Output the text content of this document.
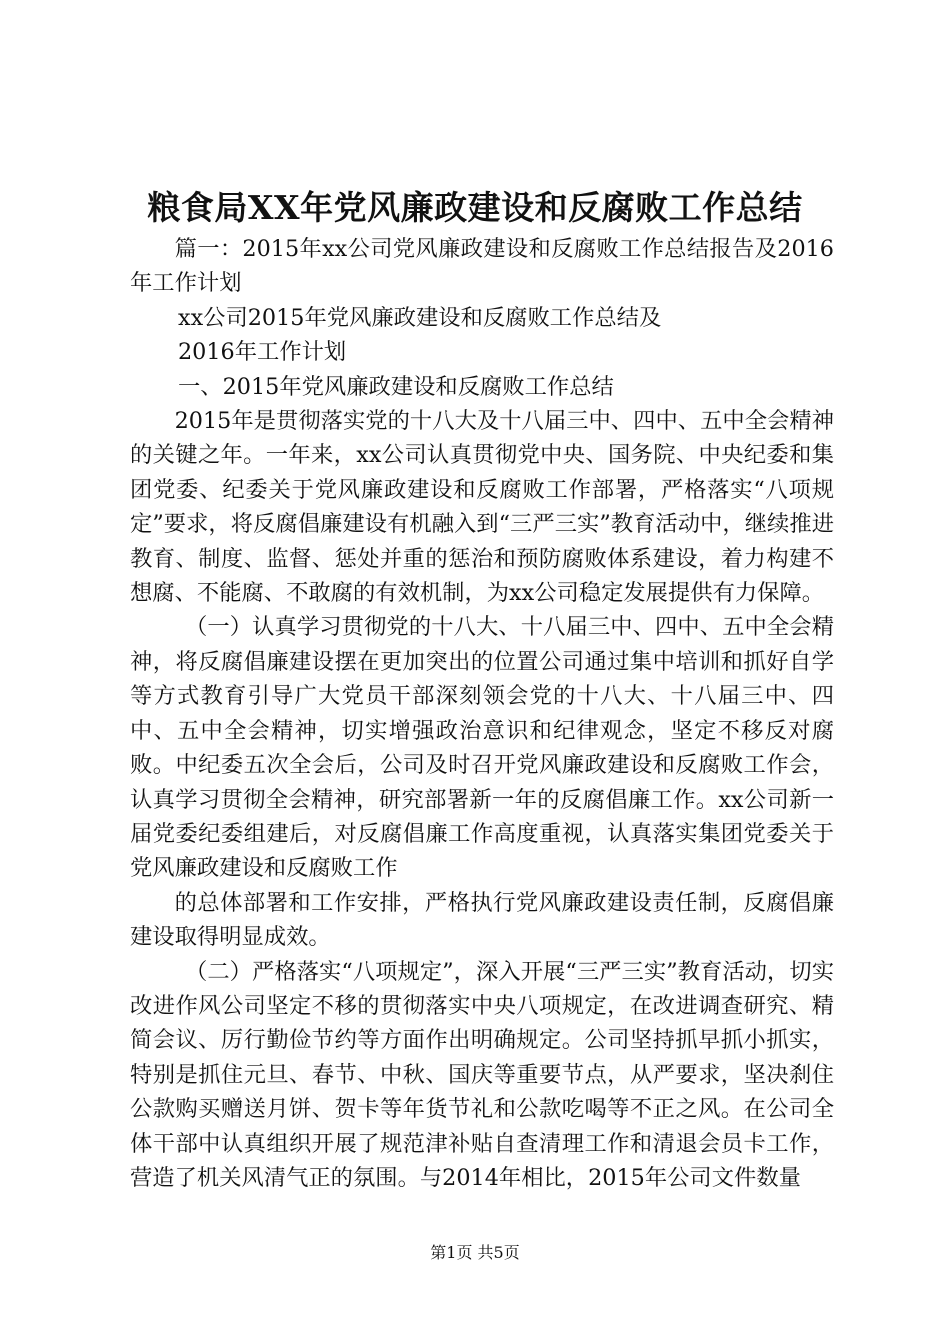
粮食局XX年党风廉政建设和反腐败工作总结

篇一：2015年xx公司党风廉政建设和反腐败工作总结报告及2016年工作计划

xx公司2015年党风廉政建设和反腐败工作总结及

2016年工作计划

一、2015年党风廉政建设和反腐败工作总结

2015年是贯彻落实党的十八大及十八届三中、四中、五中全会精神的关键之年。一年来，xx公司认真贯彻党中央、国务院、中央纪委和集团党委、纪委关于党风廉政建设和反腐败工作部署，严格落实“八项规定”要求，将反腐倡廉建设有机融入到“三严三实”教育活动中，继续推进教育、制度、监督、惩处并重的惩治和预防腐败体系建设，着力构建不想腐、不能腐、不敢腐的有效机制，为xx公司稳定发展提供有力保障。

（一）认真学习贯彻党的十八大、十八届三中、四中、五中全会精神，将反腐倡廉建设摆在更加突出的位置公司通过集中培训和抓好自学等方式教育引导广大党员干部深刻领会党的十八大、十八届三中、四中、五中全会精神，切实增强政治意识和纪律观念，坚定不移反对腐败。中纪委五次全会后，公司及时召开党风廉政建设和反腐败工作会，认真学习贯彻全会精神，研究部署新一年的反腐倡廉工作。xx公司新一届党委纪委组建后，对反腐倡廉工作高度重视，认真落实集团党委关于党风廉政建设和反腐败工作

的总体部署和工作安排，严格执行党风廉政建设责任制，反腐倡廉建设取得明显成效。

（二）严格落实“八项规定”，深入开展“三严三实”教育活动，切实改进作风公司坚定不移的贯彻落实中央八项规定，在改进调查研究、精简会议、厉行勤俭节约等方面作出明确规定。公司坚持抓早抓小抓实，特别是抓住元旦、春节、中秋、国庆等重要节点，从严要求，坚决刹住公款购买赠送月饼、贺卡等年货节礼和公款吃喝等不正之风。在公司全体干部中认真组织开展了规范津补贴自查清理工作和清退会员卡工作，营造了机关风清气正的氛围。与2014年相比，2015年公司文件数量

第1页 共5页
